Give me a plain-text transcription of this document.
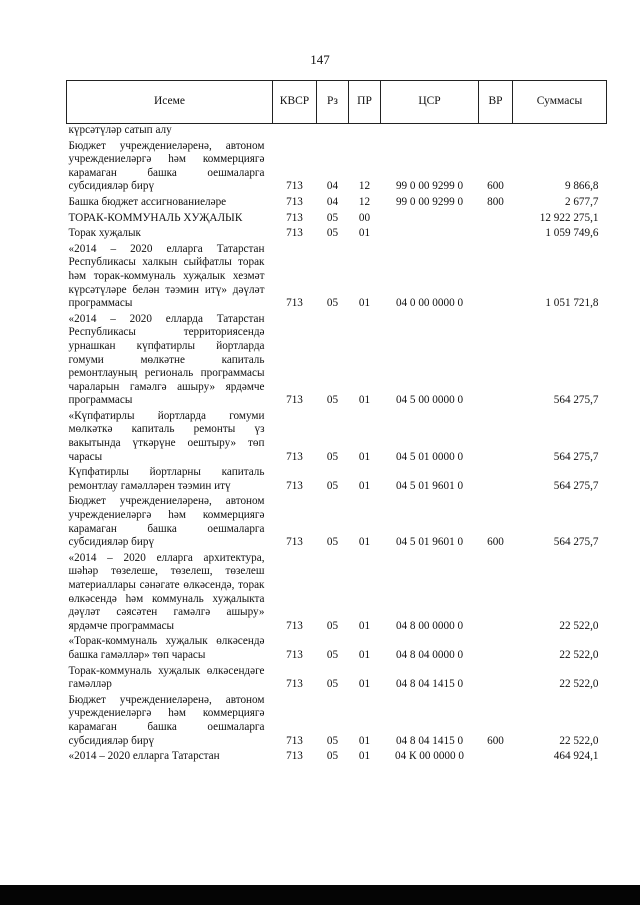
147
Исеме	КВСР	Рз	ПР	ЦСР	ВР	Суммасы
күрсәтүләр сатып алу						
Бюджет учреждениеләренә, автоном учреждениеләргә һәм коммерциягә карамаган башка оешмаларга субсидияләр бирү	713	04	12	99 0 00 9299 0	600	9 866,8
Башка бюджет ассигнованиеләре	713	04	12	99 0 00 9299 0	800	2 677,7
ТОРАК-КОММУНАЛЬ ХУҖАЛЫК	713	05	00			12 922 275,1
Торак хуҗалык	713	05	01			1 059 749,6
«2014 – 2020 елларга Татарстан Республикасы халкын сыйфатлы торак һәм торак-коммуналь хуҗалык хезмәт күрсәтүләре белән тәэмин итү» дәүләт программасы	713	05	01	04 0 00 0000 0		1 051 721,8
«2014 – 2020 елларда Татарстан Республикасы территориясендә урнашкан күпфатирлы йортларда гомуми мөлкәтне капиталь ремонтлауның региональ программасы чараларын гамәлгә ашыру» ярдәмче программасы	713	05	01	04 5 00 0000 0		564 275,7
«Күпфатирлы йортларда гомуми мөлкәткә капиталь ремонты үз вакытында үткәрүне оештыру» төп чарасы	713	05	01	04 5 01 0000 0		564 275,7
Күпфатирлы йортларны капиталь ремонтлау гамәлләрен тәэмин итү	713	05	01	04 5 01 9601 0		564 275,7
Бюджет учреждениеләренә, автоном учреждениеләргә һәм коммерциягә карамаган башка оешмаларга субсидияләр бирү	713	05	01	04 5 01 9601 0	600	564 275,7
«2014 – 2020 елларга архитектура, шәһәр төзелеше, төзелеш, төзелеш материаллары сәнәгате өлкәсендә, торак өлкәсендә һәм коммуналь хуҗалыкта дәүләт сәясәтен гамәлгә ашыру» ярдәмче программасы	713	05	01	04 8 00 0000 0		22 522,0
«Торак-коммуналь хуҗалык өлкәсендә башка гамәлләр» төп чарасы	713	05	01	04 8 04 0000 0		22 522,0
Торак-коммуналь хуҗалык өлкәсендәге гамәлләр	713	05	01	04 8 04 1415 0		22 522,0
Бюджет учреждениеләренә, автоном учреждениеләргә һәм коммерциягә карамаган башка оешмаларга субсидияләр бирү	713	05	01	04 8 04 1415 0	600	22 522,0
«2014 – 2020 елларга Татарстан	713	05	01	04 К 00 0000 0		464 924,1
